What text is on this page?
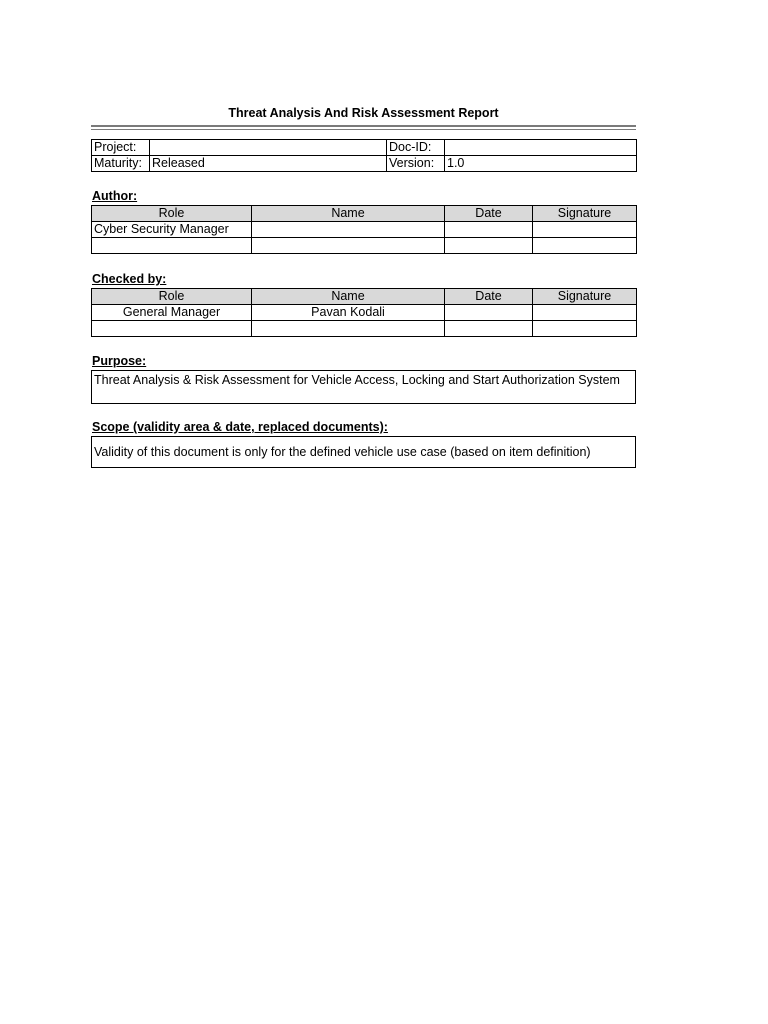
Threat Analysis And Risk Assessment Report
Project:		Doc-ID:	
Maturity:	Released	Version:	1.0
Author:
Role	Name	Date	Signature
Cyber Security Manager			

Checked by:
Role	Name	Date	Signature
General Manager	Pavan Kodali		

Purpose:
Threat Analysis & Risk Assessment for Vehicle Access, Locking and Start Authorization System
Scope (validity area & date, replaced documents):
Validity of this document is only for the defined vehicle use case (based on item definition)
